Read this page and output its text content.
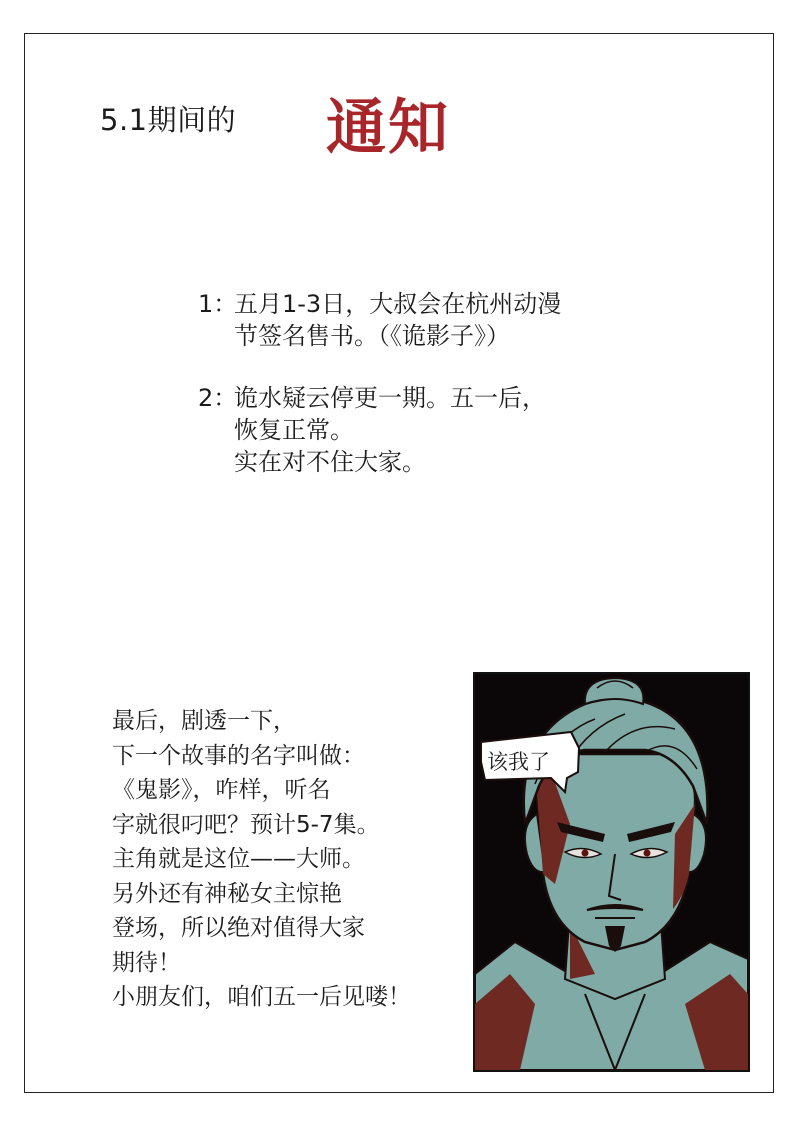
5.1期间的 通知
1：五月1-3日，大叔会在杭州动漫
节签名售书。（《诡影子》）
2：诡水疑云停更一期。五一后，
恢复正常。
实在对不住大家。
最后，剧透一下，
下一个故事的名字叫做：
《鬼影》，咋样，听名
字就很叼吧？预计5-7集。
主角就是这位——大师。
另外还有神秘女主惊艳
登场，所以绝对值得大家
期待！
小朋友们，咱们五一后见喽！
该我了
